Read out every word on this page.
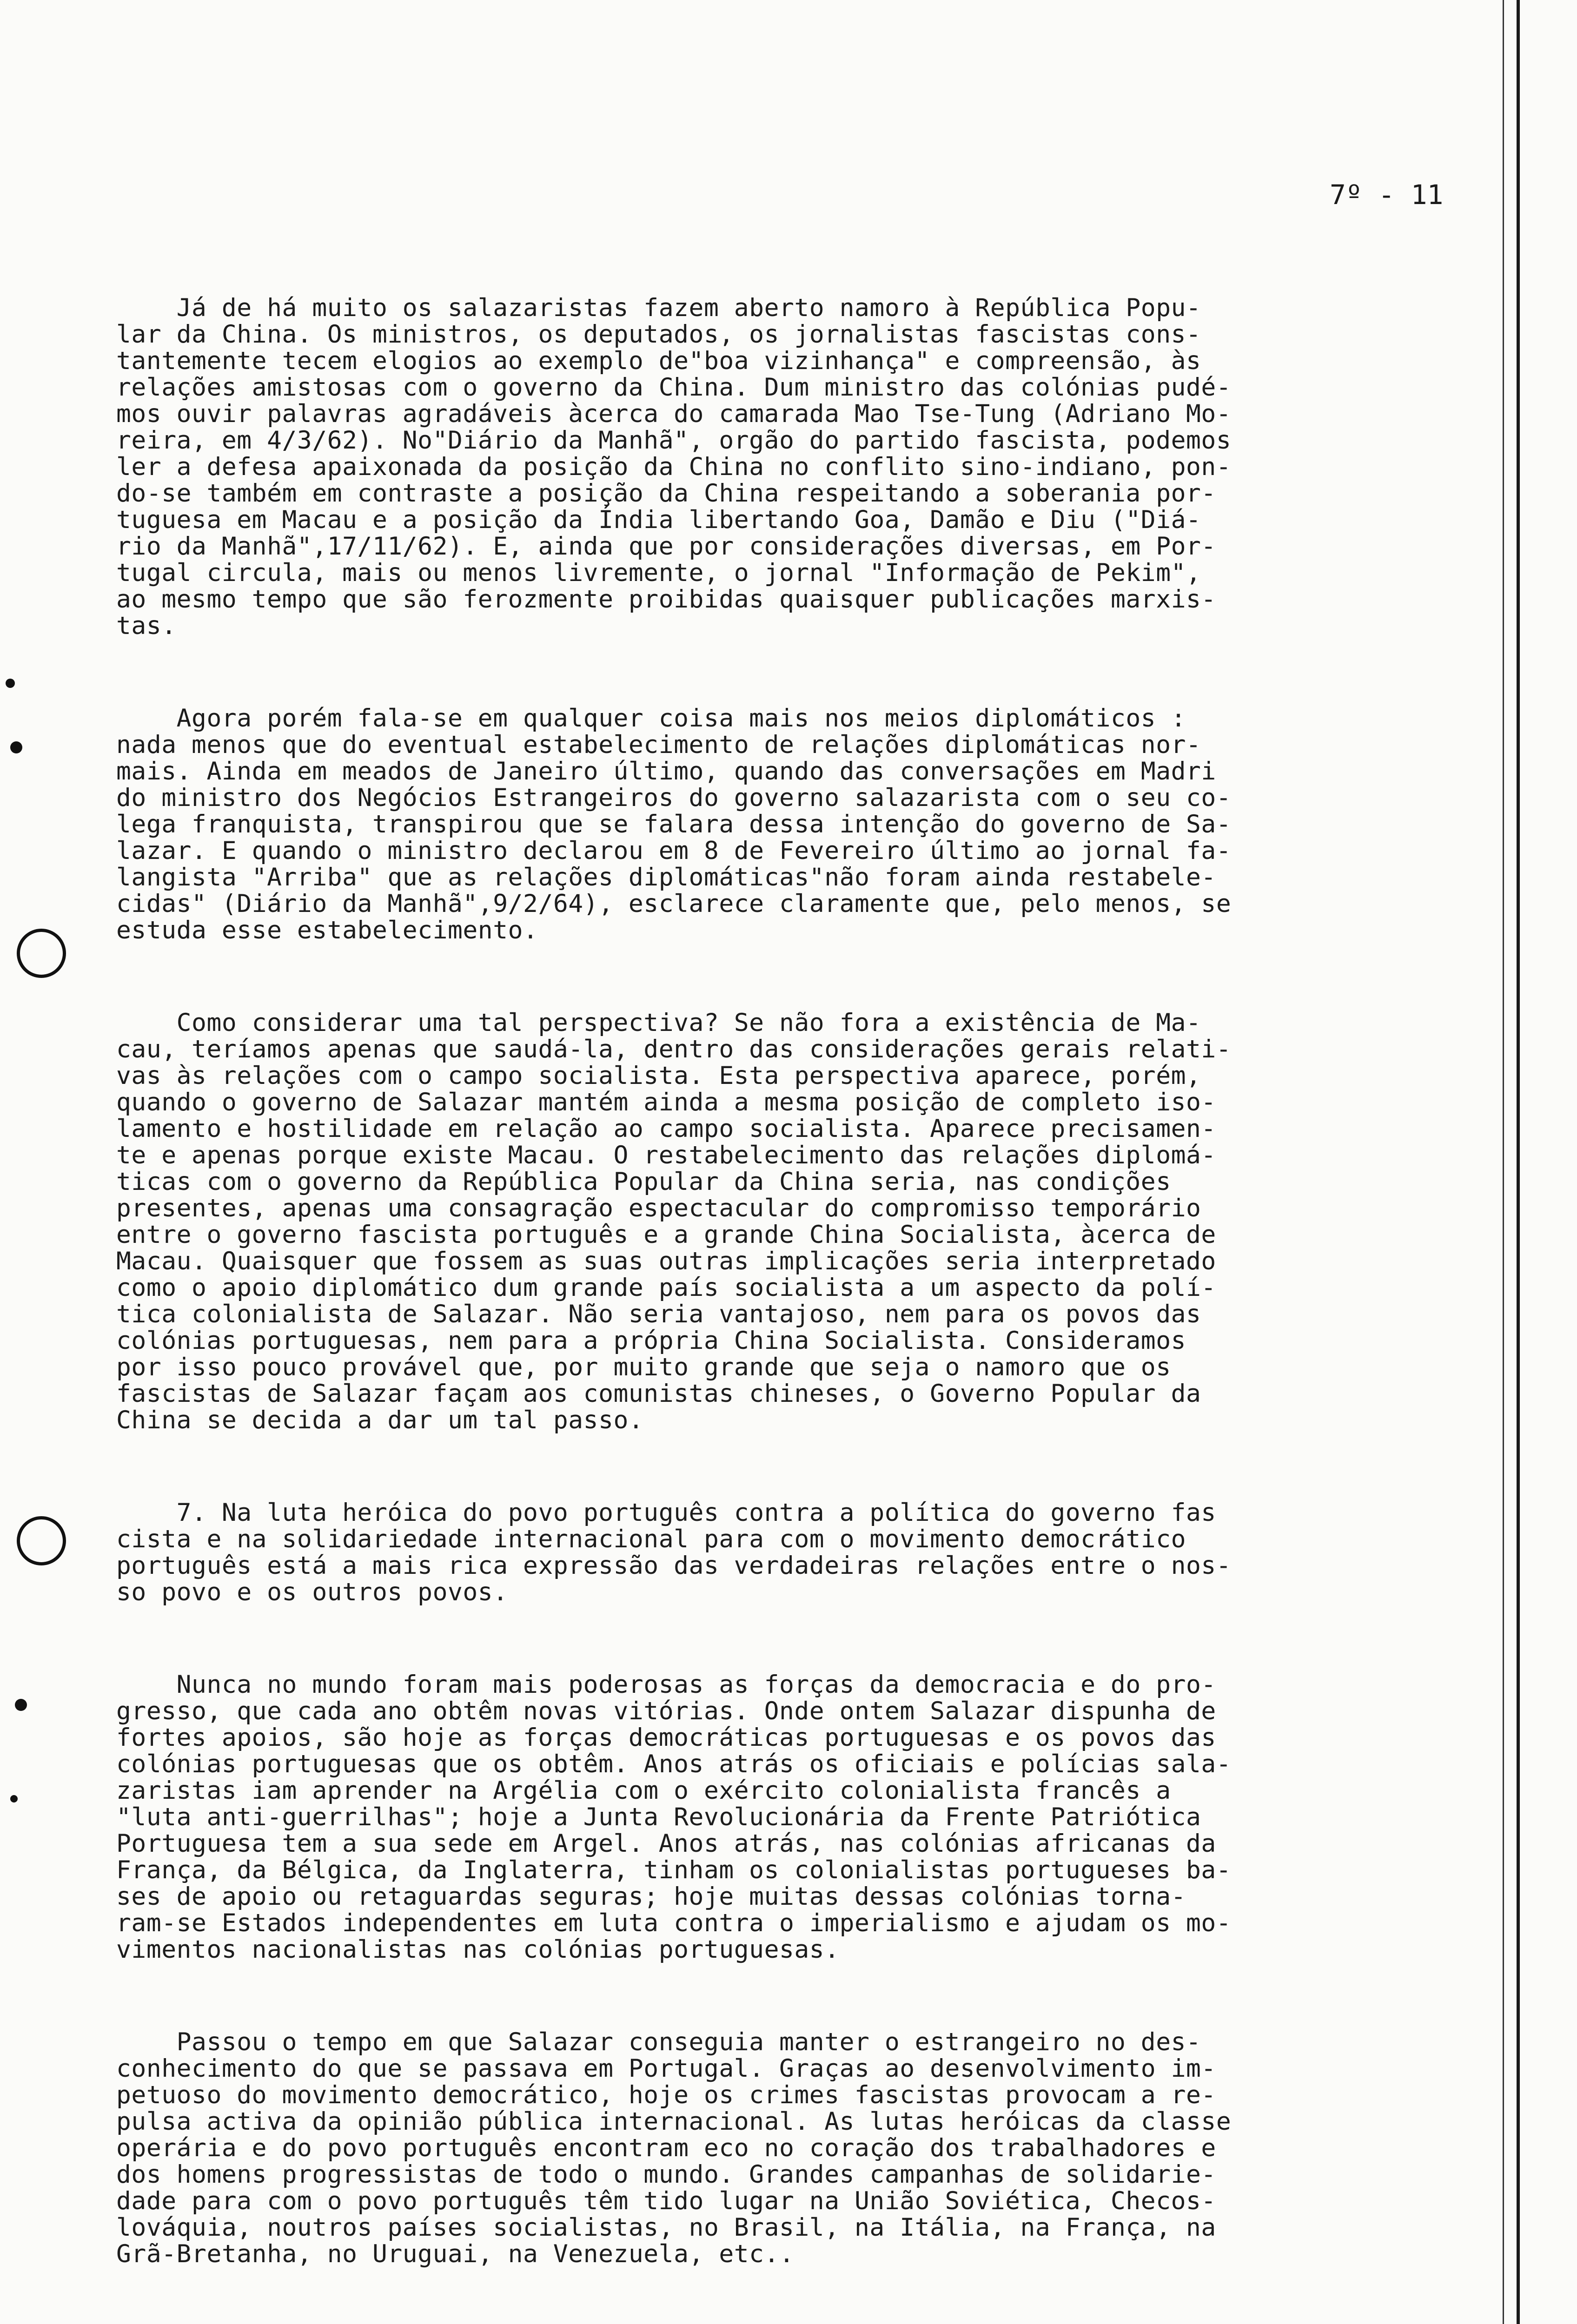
7º - 11

Já de há muito os salazaristas fazem aberto namoro à República Popu-
lar da China. Os ministros, os deputados, os jornalistas fascistas cons-
tantemente tecem elogios ao exemplo de"boa vizinhança" e compreensão, às
relações amistosas com o governo da China. Dum ministro das colónias pudé-
mos ouvir palavras agradáveis àcerca do camarada Mao Tse-Tung (Adriano Mo-
reira, em 4/3/62). No"Diário da Manhã", orgão do partido fascista, podemos
ler a defesa apaixonada da posição da China no conflito sino-indiano, pon-
do-se também em contraste a posição da China respeitando a soberania por-
tuguesa em Macau e a posição da Índia libertando Goa, Damão e Diu ("Diá-
rio da Manhã",17/11/62). E, ainda que por considerações diversas, em Por-
tugal circula, mais ou menos livremente, o jornal "Informação de Pekim",
ao mesmo tempo que são ferozmente proibidas quaisquer publicações marxis-
tas.

Agora porém fala-se em qualquer coisa mais nos meios diplomáticos :
nada menos que do eventual estabelecimento de relações diplomáticas nor-
mais. Ainda em meados de Janeiro último, quando das conversações em Madri
do ministro dos Negócios Estrangeiros do governo salazarista com o seu co-
lega franquista, transpirou que se falara dessa intenção do governo de Sa-
lazar. E quando o ministro declarou em 8 de Fevereiro último ao jornal fa-
langista "Arriba" que as relações diplomáticas"não foram ainda restabele-
cidas" (Diário da Manhã",9/2/64), esclarece claramente que, pelo menos, se
estuda esse estabelecimento.

Como considerar uma tal perspectiva? Se não fora a existência de Ma-
cau, teríamos apenas que saudá-la, dentro das considerações gerais relati-
vas às relações com o campo socialista. Esta perspectiva aparece, porém,
quando o governo de Salazar mantém ainda a mesma posição de completo iso-
lamento e hostilidade em relação ao campo socialista. Aparece precisamen-
te e apenas porque existe Macau. O restabelecimento das relações diplomá-
ticas com o governo da República Popular da China seria, nas condições
presentes, apenas uma consagração espectacular do compromisso temporário
entre o governo fascista português e a grande China Socialista, àcerca de
Macau. Quaisquer que fossem as suas outras implicações seria interpretado
como o apoio diplomático dum grande país socialista a um aspecto da polí-
tica colonialista de Salazar. Não seria vantajoso, nem para os povos das
colónias portuguesas, nem para a própria China Socialista. Consideramos
por isso pouco provável que, por muito grande que seja o namoro que os
fascistas de Salazar façam aos comunistas chineses, o Governo Popular da
China se decida a dar um tal passo.

7. Na luta heróica do povo português contra a política do governo fas
cista e na solidariedade internacional para com o movimento democrático
português está a mais rica expressão das verdadeiras relações entre o nos-
so povo e os outros povos.

Nunca no mundo foram mais poderosas as forças da democracia e do pro-
gresso, que cada ano obtêm novas vitórias. Onde ontem Salazar dispunha de
fortes apoios, são hoje as forças democráticas portuguesas e os povos das
colónias portuguesas que os obtêm. Anos atrás os oficiais e polícias sala-
zaristas iam aprender na Argélia com o exército colonialista francês a
"luta anti-guerrilhas"; hoje a Junta Revolucionária da Frente Patriótica
Portuguesa tem a sua sede em Argel. Anos atrás, nas colónias africanas da
França, da Bélgica, da Inglaterra, tinham os colonialistas portugueses ba-
ses de apoio ou retaguardas seguras; hoje muitas dessas colónias torna-
ram-se Estados independentes em luta contra o imperialismo e ajudam os mo-
vimentos nacionalistas nas colónias portuguesas.

Passou o tempo em que Salazar conseguia manter o estrangeiro no des-
conhecimento do que se passava em Portugal. Graças ao desenvolvimento im-
petuoso do movimento democrático, hoje os crimes fascistas provocam a re-
pulsa activa da opinião pública internacional. As lutas heróicas da classe
operária e do povo português encontram eco no coração dos trabalhadores e
dos homens progressistas de todo o mundo. Grandes campanhas de solidarie-
dade para com o povo português têm tido lugar na União Soviética, Checos-
lováquia, noutros países socialistas, no Brasil, na Itália, na França, na
Grã-Bretanha, no Uruguai, na Venezuela, etc..
